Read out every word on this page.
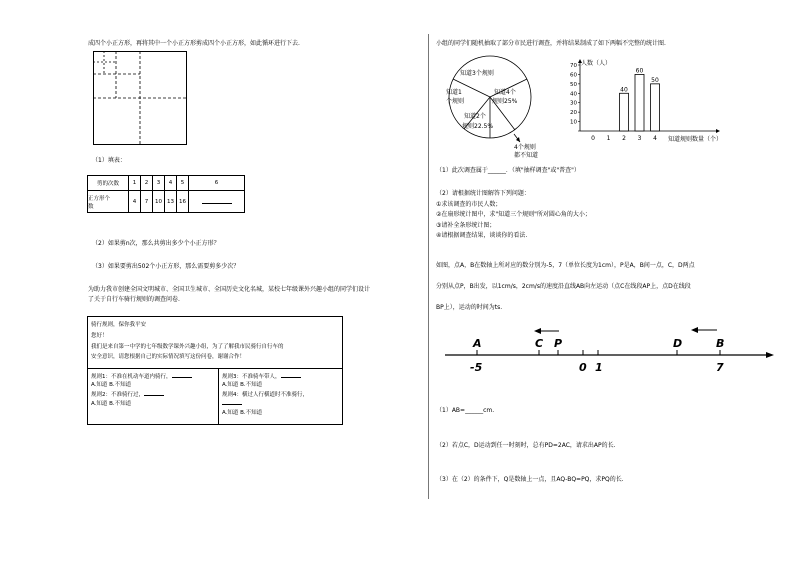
成四个小正方形，再将其中一个小正方形剪成四个小正方形，如此循环进行下去.
（1）填表：
剪的次数	1	2	3	4	5	6

正方形个
数	4	7	10	13	16	
（2）如果剪n次，那么共剪出多少个小正方形？
（3）如果要剪出502个小正方形，那么需要剪多少次？
为助力我市创建全国文明城市、全国卫生城市、全国历史文化名城，某校七年级课外兴趣小组的同学们设计
了关于自行车骑行规则的调查问卷.
骑行规则，保你我平安
您好！
我们是来自第一中学的七年级数学课外兴趣小组，为了了解我市民骑行自行车的
安全意识，请您根据自己的实际情况填写这份问卷，谢谢合作！
规则1：不准在机动车道内骑行，
A.知道 B.不知道
规则2：不准骑行过，
A.知道 B.不知道
规则3：不准骑车带人，
A.知道 B.不知道
规则4：横过人行横道时不准骑行，
A.知道 B.不知道
小组的同学们随机抽取了部分市民进行调查，并将结果制成了如下两幅不完整的统计图.
知道3个规则
知道1
个规则
知道4个
规则25%
知道2个
规则22.5%
4个规则
都不知道
10
20
30
40
50
60
70
0 1 2 3 4
40
60
50
人数（人）
知道规则数量（个）
（1）此次调查属于______．（填"抽样调查"或"普查"）
（2）请根据统计图解答下列问题：
①求该调查的市民人数；
②在扇形统计图中，求"知道三个规则"所对圆心角的大小；
③请补全条形统计图；
④请根据调查结果，谈谈你的看法.
如图，点A，B在数轴上所对应的数分别为-5，7（单位长度为1cm），P是A，B间一点，C，D两点
分别从点P，B出发，以1cm/s，2cm/s的速度沿直线AB向左运动（点C在线段AP上，点D在线段
BP上），运动的时间为ts.
A	C P	D	B
-5	0 1	7
（1）AB=______cm.
（2）若点C，D运动到任一时刻时，总有PD=2AC，请求出AP的长.
（3）在（2）的条件下，Q是数轴上一点，且AQ-BQ=PQ，求PQ的长.
